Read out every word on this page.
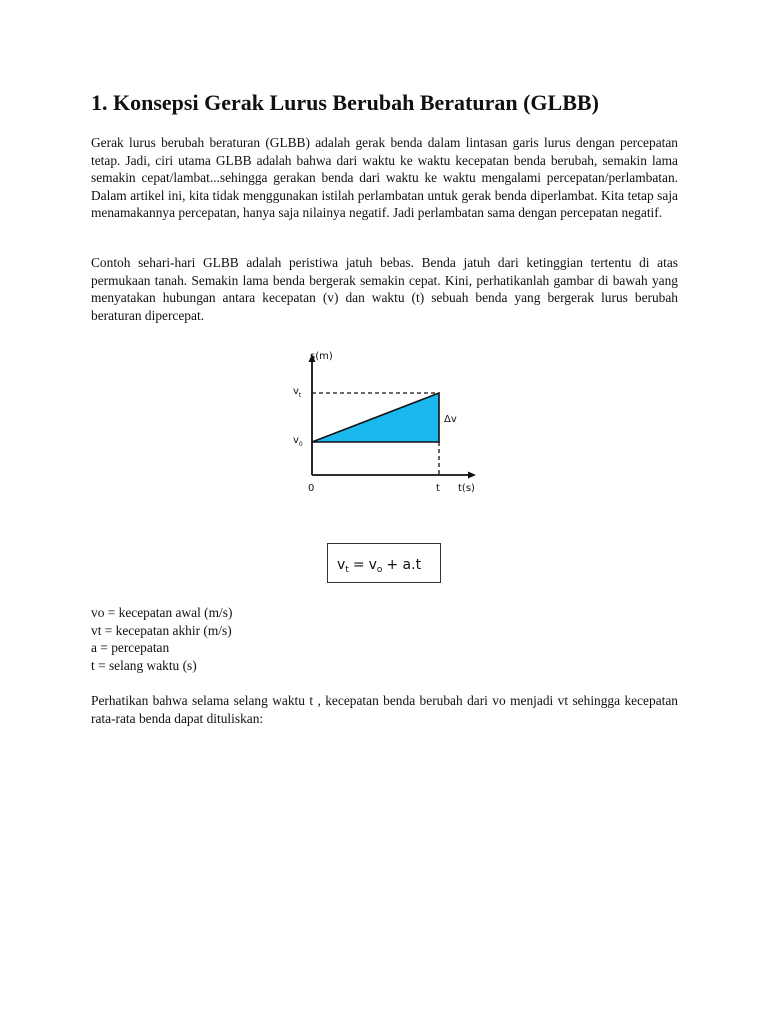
1. Konsepsi Gerak Lurus Berubah Beraturan (GLBB)

Gerak lurus berubah beraturan (GLBB) adalah gerak benda dalam lintasan garis lurus dengan percepatan tetap. Jadi, ciri utama GLBB adalah bahwa dari waktu ke waktu kecepatan benda berubah, semakin lama semakin cepat/lambat...sehingga gerakan benda dari waktu ke waktu mengalami percepatan/perlambatan. Dalam artikel ini, kita tidak menggunakan istilah perlambatan untuk gerak benda diperlambat. Kita tetap saja menamakannya percepatan, hanya saja nilainya negatif. Jadi perlambatan sama dengan percepatan negatif.

Contoh sehari-hari GLBB adalah peristiwa jatuh bebas. Benda jatuh dari ketinggian tertentu di atas permukaan tanah. Semakin lama benda bergerak semakin cepat. Kini, perhatikanlah gambar di bawah yang menyatakan hubungan antara kecepatan (v) dan waktu (t) sebuah benda yang bergerak lurus berubah beraturan dipercepat.

s(m)
$v_t$
$v_0$
Δv
0	t t(s)
$v_t = v_o + a.t$
vo = kecepatan awal (m/s)
vt = kecepatan akhir (m/s)
a = percepatan
t = selang waktu (s)

Perhatikan bahwa selama selang waktu t , kecepatan benda berubah dari vo menjadi vt sehingga kecepatan rata-rata benda dapat dituliskan:
